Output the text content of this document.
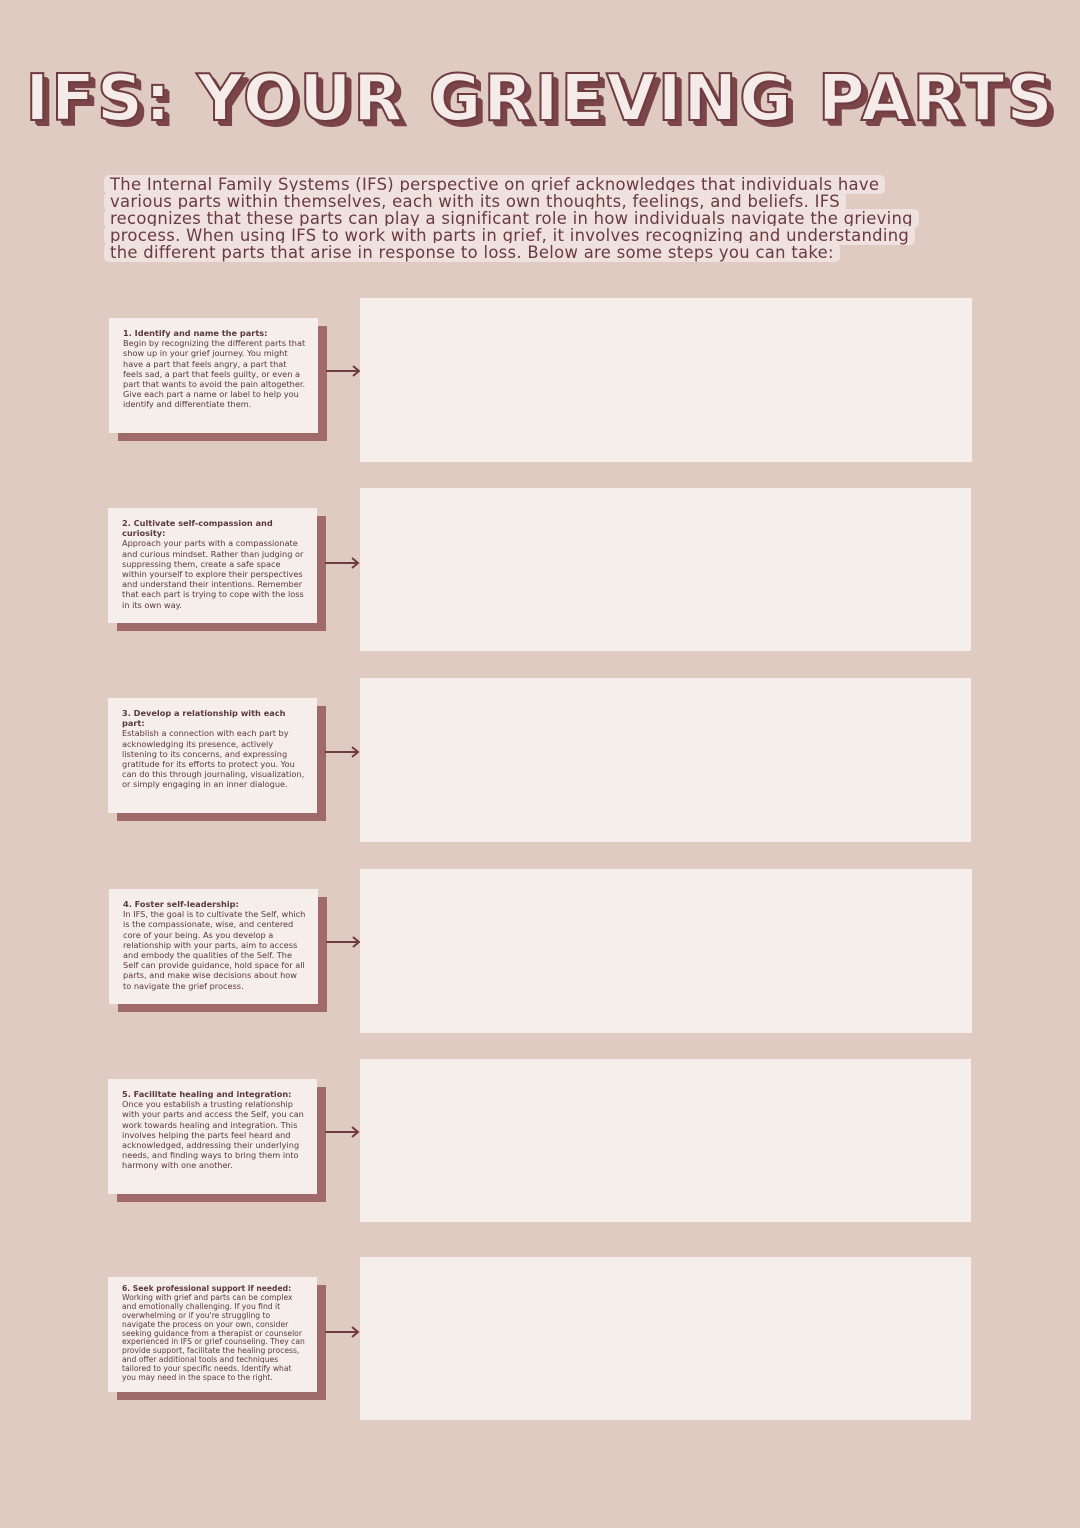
IFS: YOUR GRIEVING PARTS

The Internal Family Systems (IFS) perspective on grief acknowledges that individuals have various parts within themselves, each with its own thoughts, feelings, and beliefs. IFS recognizes that these parts can play a significant role in how individuals navigate the grieving process. When using IFS to work with parts in grief, it involves recognizing and understanding the different parts that arise in response to loss. Below are some steps you can take:

1. Identify and name the parts:
Begin by recognizing the different parts that show up in your grief journey. You might have a part that feels angry, a part that feels sad, a part that feels guilty, or even a part that wants to avoid the pain altogether. Give each part a name or label to help you identify and differentiate them.
2. Cultivate self-compassion and curiosity:
Approach your parts with a compassionate and curious mindset. Rather than judging or suppressing them, create a safe space within yourself to explore their perspectives and understand their intentions. Remember that each part is trying to cope with the loss in its own way.
3. Develop a relationship with each part:
Establish a connection with each part by acknowledging its presence, actively listening to its concerns, and expressing gratitude for its efforts to protect you. You can do this through journaling, visualization, or simply engaging in an inner dialogue.
4. Foster self-leadership:
In IFS, the goal is to cultivate the Self, which is the compassionate, wise, and centered core of your being. As you develop a relationship with your parts, aim to access and embody the qualities of the Self. The Self can provide guidance, hold space for all parts, and make wise decisions about how to navigate the grief process.
5. Facilitate healing and integration:
Once you establish a trusting relationship with your parts and access the Self, you can work towards healing and integration. This involves helping the parts feel heard and acknowledged, addressing their underlying needs, and finding ways to bring them into harmony with one another.
6. Seek professional support if needed:
Working with grief and parts can be complex and emotionally challenging. If you find it overwhelming or if you're struggling to navigate the process on your own, consider seeking guidance from a therapist or counselor experienced in IFS or grief counseling. They can provide support, facilitate the healing process, and offer additional tools and techniques tailored to your specific needs. Identify what you may need in the space to the right.
